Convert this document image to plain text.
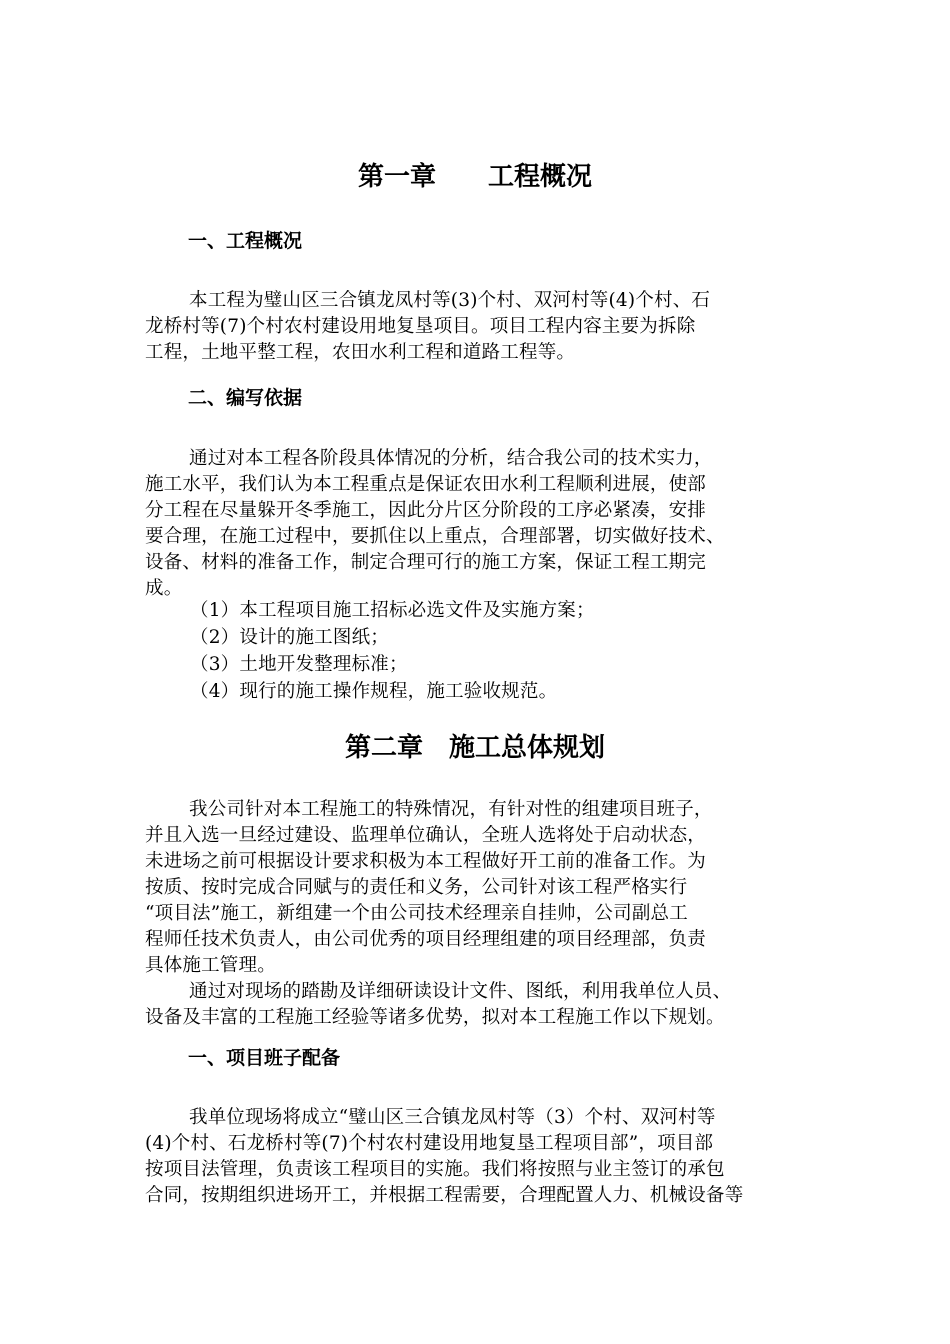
第一章　　工程概况
一、工程概况
本工程为璧山区三合镇龙凤村等(3)个村、双河村等(4)个村、石
龙桥村等(7)个村农村建设用地复垦项目。项目工程内容主要为拆除
工程，土地平整工程，农田水利工程和道路工程等。
二、编写依据
通过对本工程各阶段具体情况的分析，结合我公司的技术实力，
施工水平，我们认为本工程重点是保证农田水利工程顺利进展，使部
分工程在尽量躲开冬季施工，因此分片区分阶段的工序必紧凑，安排
要合理，在施工过程中，要抓住以上重点，合理部署，切实做好技术、
设备、材料的准备工作，制定合理可行的施工方案，保证工程工期完
成。
（1）本工程项目施工招标必选文件及实施方案；
（2）设计的施工图纸；
（3）土地开发整理标准；
（4）现行的施工操作规程，施工验收规范。
第二章　施工总体规划
我公司针对本工程施工的特殊情况，有针对性的组建项目班子，
并且入选一旦经过建设、监理单位确认，全班人选将处于启动状态，
未进场之前可根据设计要求积极为本工程做好开工前的准备工作。为
按质、按时完成合同赋与的责任和义务，公司针对该工程严格实行
“项目法”施工，新组建一个由公司技术经理亲自挂帅，公司副总工
程师任技术负责人，由公司优秀的项目经理组建的项目经理部，负责
具体施工管理。
通过对现场的踏勘及详细研读设计文件、图纸，利用我单位人员、
设备及丰富的工程施工经验等诸多优势，拟对本工程施工作以下规划。
一、项目班子配备
我单位现场将成立“璧山区三合镇龙凤村等（3）个村、双河村等
(4)个村、石龙桥村等(7)个村农村建设用地复垦工程项目部”，项目部
按项目法管理，负责该工程项目的实施。我们将按照与业主签订的承包
合同，按期组织进场开工，并根据工程需要，合理配置人力、机械设备等
